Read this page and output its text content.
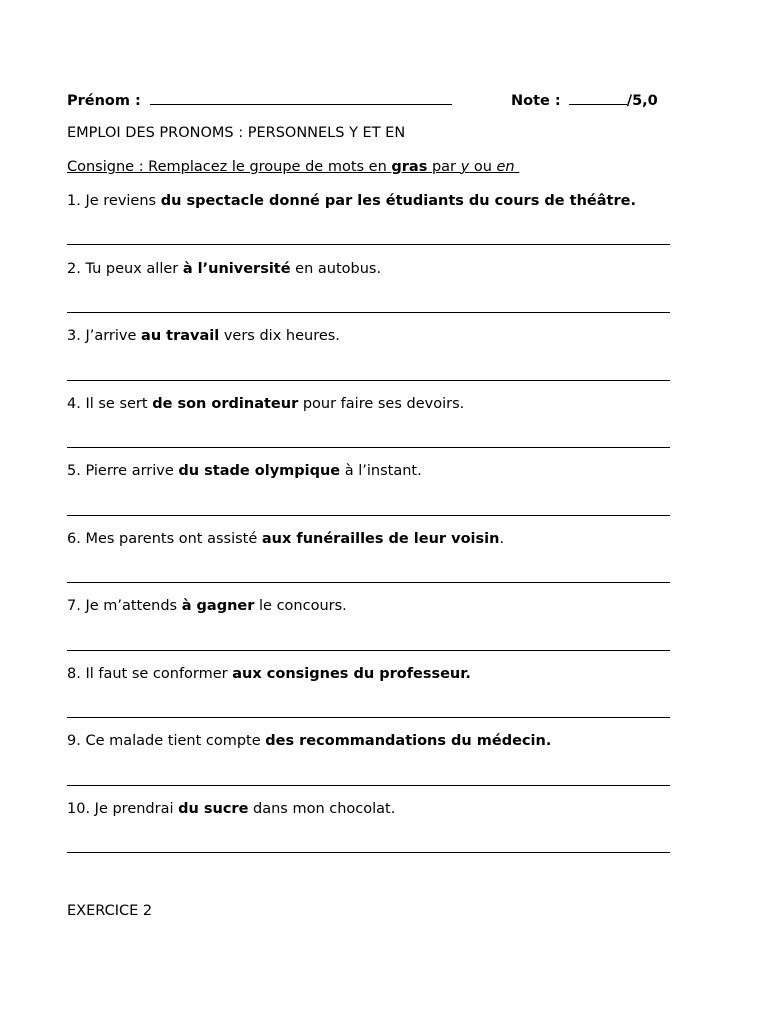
Prénom :	Note :	/5,0
EMPLOI DES PRONOMS : PERSONNELS Y ET EN
Consigne : Remplacez le groupe de mots en gras par y ou en
1. Je reviens du spectacle donné par les étudiants du cours de théâtre.
2. Tu peux aller à l’université en autobus.
3. J’arrive au travail vers dix heures.
4. Il se sert de son ordinateur pour faire ses devoirs.
5. Pierre arrive du stade olympique à l’instant.
6. Mes parents ont assisté aux funérailles de leur voisin.
7. Je m’attends à gagner le concours.
8. Il faut se conformer aux consignes du professeur.
9. Ce malade tient compte des recommandations du médecin.
10. Je prendrai du sucre dans mon chocolat.
EXERCICE 2
